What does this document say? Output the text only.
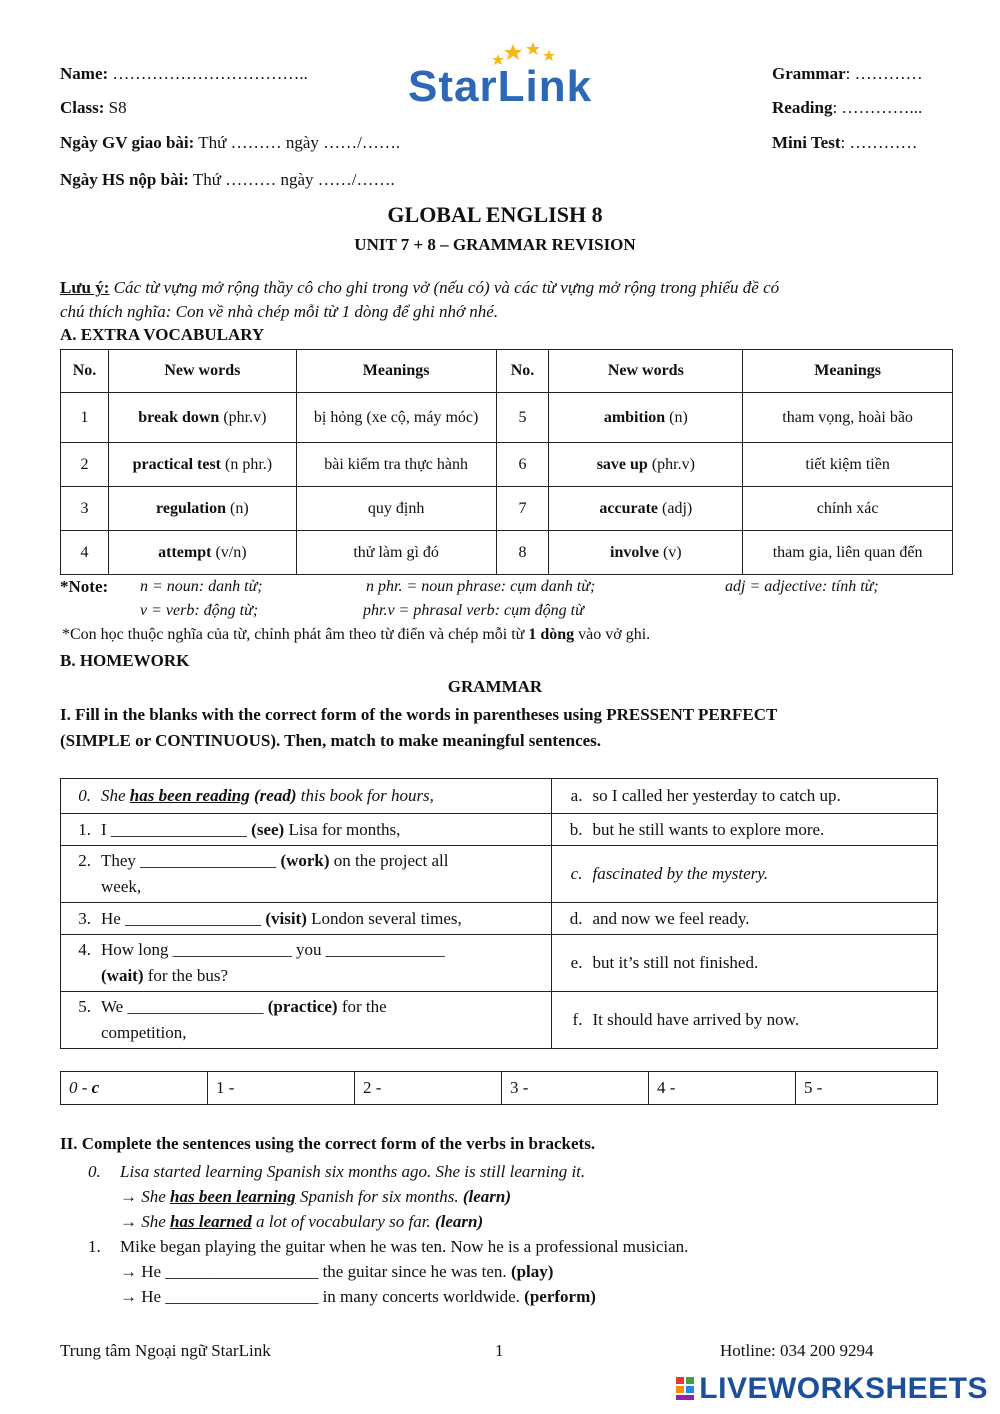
Name: ……………………………..
Class: S8
Ngày GV giao bài: Thứ ……… ngày ……/…….
Ngày HS nộp bài: Thứ ……… ngày ……/…….
StarLink	Grammar: …………
Reading: …………...
Mini Test: …………
GLOBAL ENGLISH 8
UNIT 7 + 8 – GRAMMAR REVISION
Lưu ý: Các từ vựng mở rộng thầy cô cho ghi trong vở (nếu có) và các từ vựng mở rộng trong phiếu đề có
chú thích nghĩa: Con về nhà chép mỗi từ 1 dòng để ghi nhớ nhé.
A. EXTRA VOCABULARY
No.	New words	Meanings	No.	New words	Meanings
1	break down (phr.v)	bị hỏng (xe cộ, máy móc)	5	ambition (n)	tham vọng, hoài bão
2	practical test (n phr.)	bài kiểm tra thực hành	6	save up (phr.v)	tiết kiệm tiền
3	regulation (n)	quy định	7	accurate (adj)	chính xác
4	attempt (v/n)	thử làm gì đó	8	involve (v)	tham gia, liên quan đến
*Note: n = noun: danh từ;	n phr. = noun phrase: cụm danh từ;	adj = adjective: tính từ;
v = verb: động từ;	phr.v = phrasal verb: cụm động từ
*Con học thuộc nghĩa của từ, chỉnh phát âm theo từ điển và chép mỗi từ 1 dòng vào vở ghi.
B. HOMEWORK
GRAMMAR
I. Fill in the blanks with the correct form of the words in parentheses using PRESSENT PERFECT
(SIMPLE or CONTINUOUS). Then, match to make meaningful sentences.
0. She has been reading (read) this book for hours,	a. so I called her yesterday to catch up.
1. I ________________ (see) Lisa for months,	b. but he still wants to explore more.
2. They ________________ (work) on the project all
week,	c. fascinated by the mystery.
3. He ________________ (visit) London several times,	d. and now we feel ready.
4. How long ______________ you ______________
(wait) for the bus?	e. but it’s still not finished.
5. We ________________ (practice) for the
competition,	f. It should have arrived by now.
0 - c	1 -	2 -	3 -	4 -	5 -
II. Complete the sentences using the correct form of the verbs in brackets.
0. Lisa started learning Spanish six months ago. She is still learning it.
→ She has been learning Spanish for six months. (learn)
→ She has learned a lot of vocabulary so far. (learn)
1. Mike began playing the guitar when he was ten. Now he is a professional musician.
→ He __________________ the guitar since he was ten. (play)
→ He __________________ in many concerts worldwide. (perform)
Trung tâm Ngoại ngữ StarLink	1	Hotline: 034 200 9294
LIVEWORKSHEETS
